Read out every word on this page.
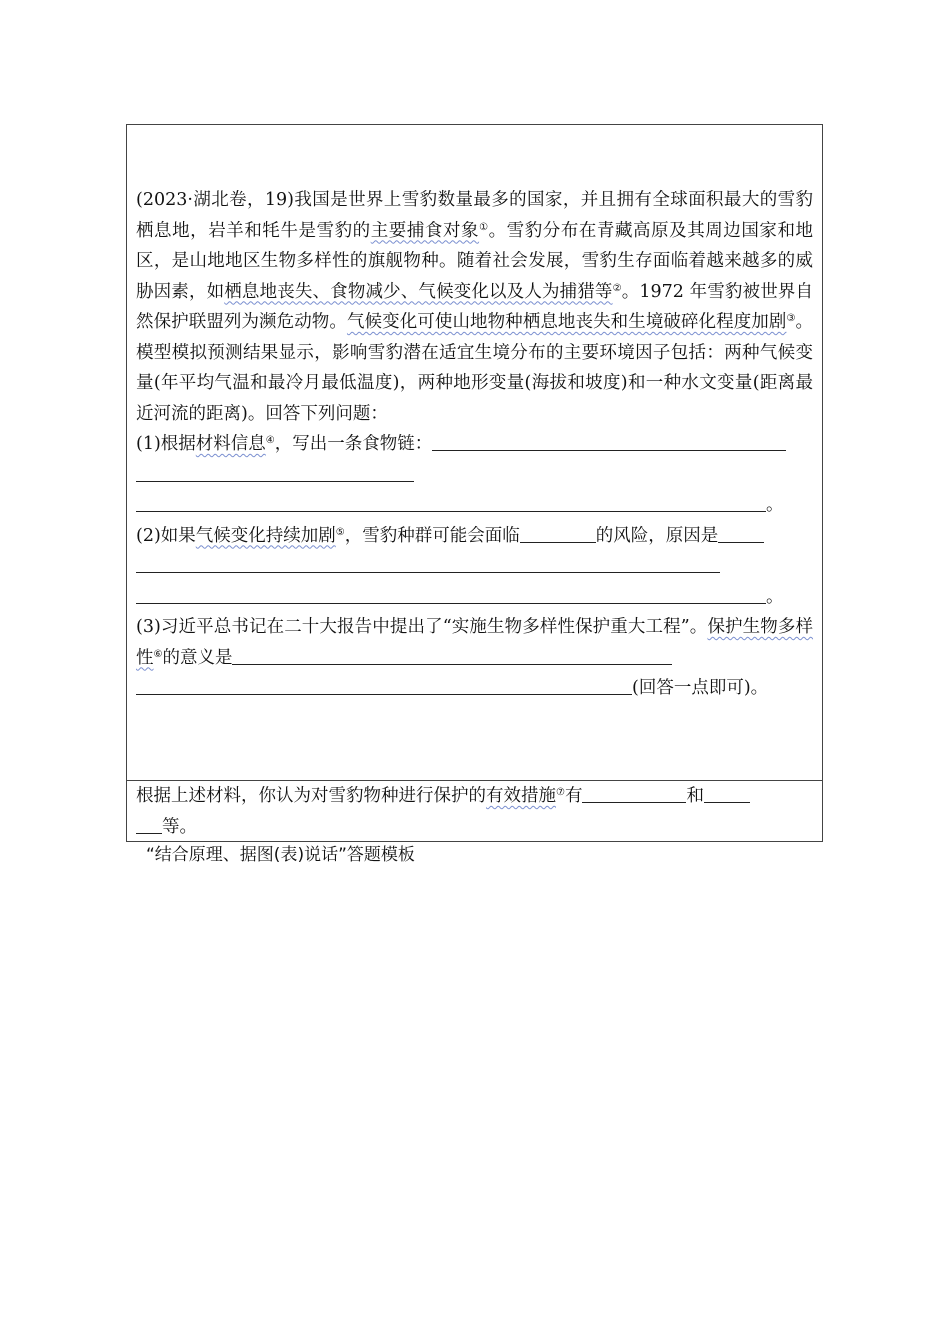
(2023·湖北卷，19)我国是世界上雪豹数量最多的国家，并且拥有全球面积最大的雪豹栖息地，岩羊和牦牛是雪豹的主要捕食对象①。雪豹分布在青藏高原及其周边国家和地区，是山地地区生物多样性的旗舰物种。随着社会发展，雪豹生存面临着越来越多的威胁因素，如栖息地丧失、食物减少、气候变化以及人为捕猎等②。1972 年雪豹被世界自然保护联盟列为濒危动物。气候变化可使山地物种栖息地丧失和生境破碎化程度加剧③。模型模拟预测结果显示，影响雪豹潜在适宜生境分布的主要环境因子包括：两种气候变量(年平均气温和最冷月最低温度)，两种地形变量(海拔和坡度)和一种水文变量(距离最近河流的距离)。回答下列问题：

(1)根据材料信息④，写出一条食物链：

。

(2)如果气候变化持续加剧⑤，雪豹种群可能会面临	的风险，原因是

。

(3)习近平总书记在二十大报告中提出了“实施生物多样性保护重大工程”。保护生物多样性⑥的意义是
(回答一点即可)。

根据上述材料，你认为对雪豹物种进行保护的有效措施⑦有	和
等。

“结合原理、据图(表)说话”答题模板
